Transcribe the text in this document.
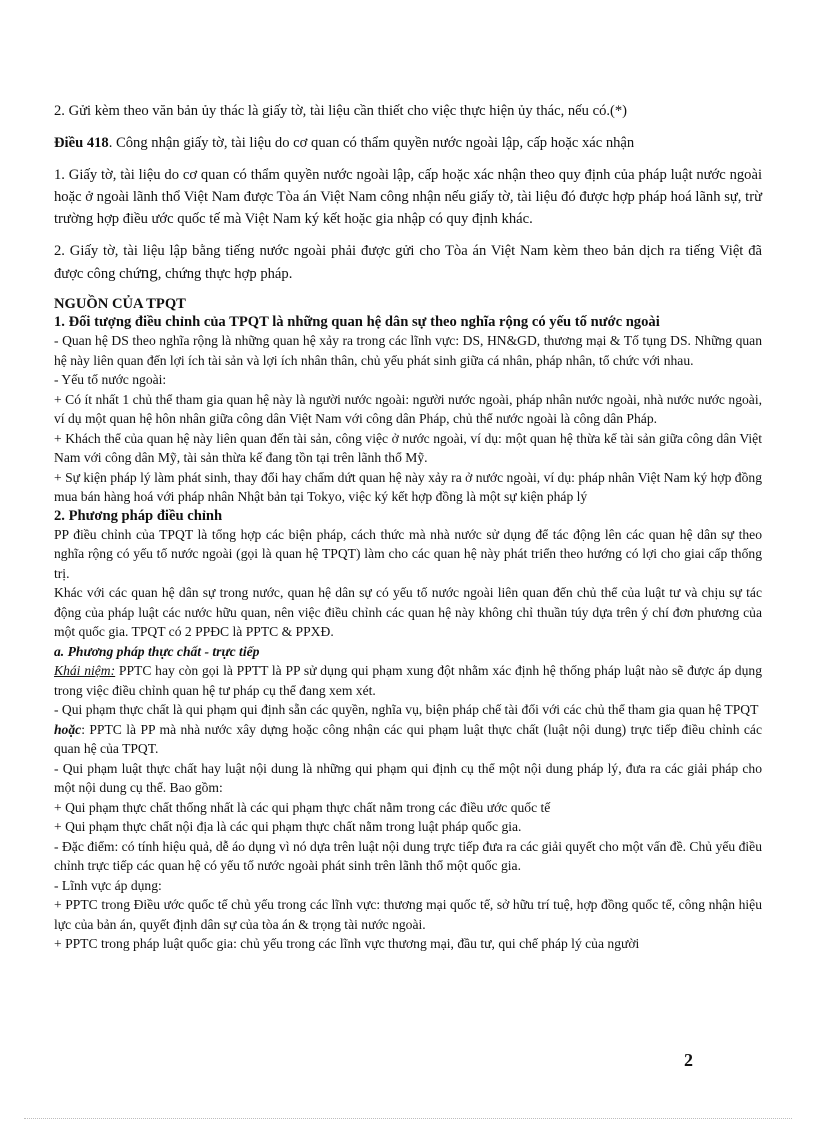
2. Gửi kèm theo văn bản ủy thác là giấy tờ, tài liệu cần thiết cho việc thực hiện ủy thác, nếu có.(*)

Điều 418. Công nhận giấy tờ, tài liệu do cơ quan có thẩm quyền nước ngoài lập, cấp hoặc xác nhận

1. Giấy tờ, tài liệu do cơ quan có thẩm quyền nước ngoài lập, cấp hoặc xác nhận theo quy định của pháp luật nước ngoài hoặc ở ngoài lãnh thổ Việt Nam được Tòa án Việt Nam công nhận nếu giấy tờ, tài liệu đó được hợp pháp hoá lãnh sự, trừ trường hợp điều ước quốc tế mà Việt Nam ký kết hoặc gia nhập có quy định khác.

2. Giấy tờ, tài liệu lập bằng tiếng nước ngoài phải được gửi cho Tòa án Việt Nam kèm theo bản dịch ra tiếng Việt đã được công chứng, chứng thực hợp pháp.

NGUỒN CỦA TPQT

1. Đối tượng điều chỉnh của TPQT là những quan hệ dân sự theo nghĩa rộng có yếu tố nước ngoài

- Quan hệ DS theo nghĩa rộng là những quan hệ xảy ra trong các lĩnh vực: DS, HN&GD, thương mại & Tố tụng DS. Những quan hệ này liên quan đến lợi ích tài sản và lợi ích nhân thân, chủ yếu phát sinh giữa cá nhân, pháp nhân, tổ chức với nhau.

- Yếu tố nước ngoài:

+ Có ít nhất 1 chủ thể tham gia quan hệ này là người nước ngoài: người nước ngoài, pháp nhân nước ngoài, nhà nước nước ngoài, ví dụ một quan hệ hôn nhân giữa công dân Việt Nam với công dân Pháp, chủ thể nước ngoài là công dân Pháp.

+ Khách thể của quan hệ này liên quan đến tài sản, công việc ở nước ngoài, ví dụ: một quan hệ thừa kế tài sản giữa công dân Việt Nam với công dân Mỹ, tài sản thừa kế đang tồn tại trên lãnh thổ Mỹ.

+ Sự kiện pháp lý làm phát sinh, thay đổi hay chấm dứt quan hệ này xảy ra ở nước ngoài, ví dụ: pháp nhân Việt Nam ký hợp đồng mua bán hàng hoá với pháp nhân Nhật bản tại Tokyo, việc ký kết hợp đồng là một sự kiện pháp lý

2. Phương pháp điều chỉnh

PP điều chỉnh của TPQT là tổng hợp các biện pháp, cách thức mà nhà nước sử dụng để tác động lên các quan hệ dân sự theo nghĩa rộng có yếu tố nước ngoài (gọi là quan hệ TPQT) làm cho các quan hệ này phát triển theo hướng có lợi cho giai cấp thống trị.

Khác với các quan hệ dân sự trong nước, quan hệ dân sự có yếu tố nước ngoài liên quan đến chủ thể của luật tư và chịu sự tác động của pháp luật các nước hữu quan, nên việc điều chỉnh các quan hệ này không chỉ thuần túy dựa trên ý chí đơn phương của một quốc gia. TPQT có 2 PPĐC là PPTC & PPXĐ.

a. Phương pháp thực chất - trực tiếp

Khái niệm: PPTC hay còn gọi là PPTT là PP sử dụng qui phạm xung đột nhằm xác định hệ thống pháp luật nào sẽ được áp dụng trong việc điều chỉnh quan hệ tư pháp cụ thể đang xem xét.

- Qui phạm thực chất là qui phạm qui định sẵn các quyền, nghĩa vụ, biện pháp chế tài đối với các chủ thể tham gia quan hệ TPQT

hoặc: PPTC là PP mà nhà nước xây dựng hoặc công nhận các qui phạm luật thực chất (luật nội dung) trực tiếp điều chỉnh các quan hệ của TPQT.

- Qui phạm luật thực chất hay luật nội dung là những qui phạm qui định cụ thể một nội dung pháp lý, đưa ra các giải pháp cho một nội dung cụ thể. Bao gồm:

+ Qui phạm thực chất thống nhất là các qui phạm thực chất nằm trong các điều ước quốc tế

+ Qui phạm thực chất nội địa là các qui phạm thực chất nằm trong luật pháp quốc gia.

- Đặc điểm: có tính hiệu quả, dễ áo dụng vì nó dựa trên luật nội dung trực tiếp đưa ra các giải quyết cho một vấn đề. Chủ yếu điều chỉnh trực tiếp các quan hệ có yếu tố nước ngoài phát sinh trên lãnh thổ một quốc gia.

- Lĩnh vực áp dụng:

+ PPTC trong Điều ước quốc tế chủ yếu trong các lĩnh vực: thương mại quốc tế, sở hữu trí tuệ, hợp đồng quốc tế, công nhận hiệu lực của bản án, quyết định dân sự của tòa án & trọng tài nước ngoài.

+ PPTC trong pháp luật quốc gia: chủ yếu trong các lĩnh vực thương mại, đầu tư, qui chế pháp lý của người

2
